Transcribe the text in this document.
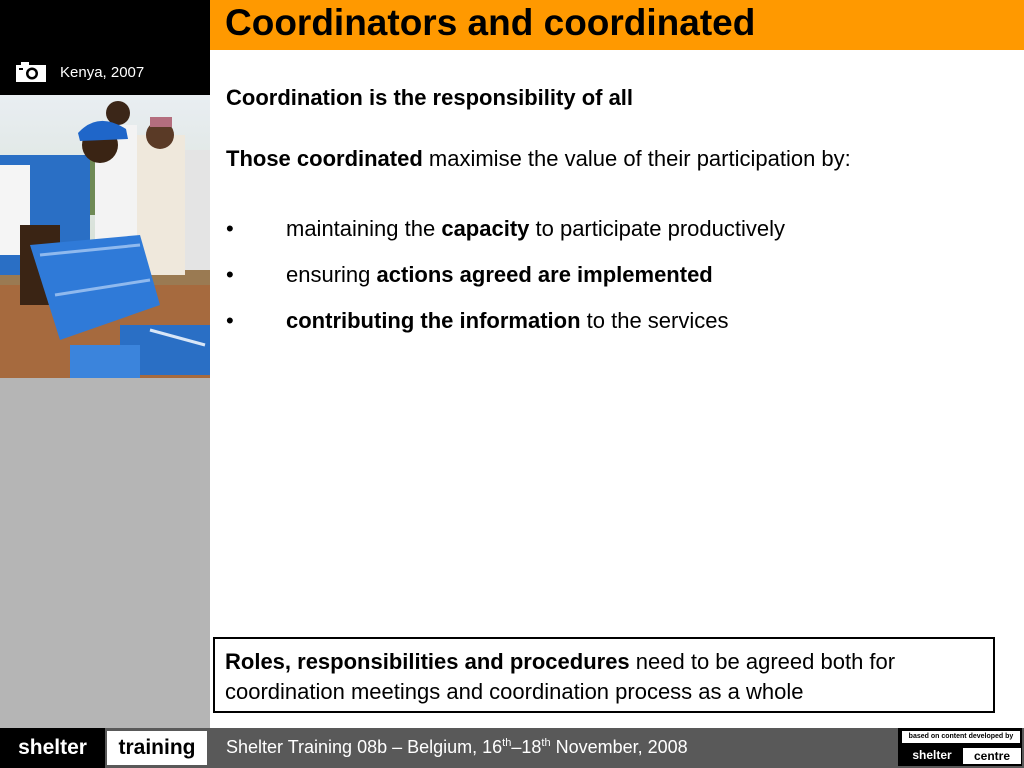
Kenya, 2007
Coordinators and coordinated
Coordination is the responsibility of all
Those coordinated maximise the value of their participation by:
• maintaining the capacity to participate productively
• ensuring actions agreed are implemented
• contributing the information to the services
Roles, responsibilities and procedures need to be agreed both for coordination meetings and coordination process as a whole
shelter	training	Shelter Training 08b – Belgium, 16th–18th November, 2008
based on content developed by
shelter	centre
